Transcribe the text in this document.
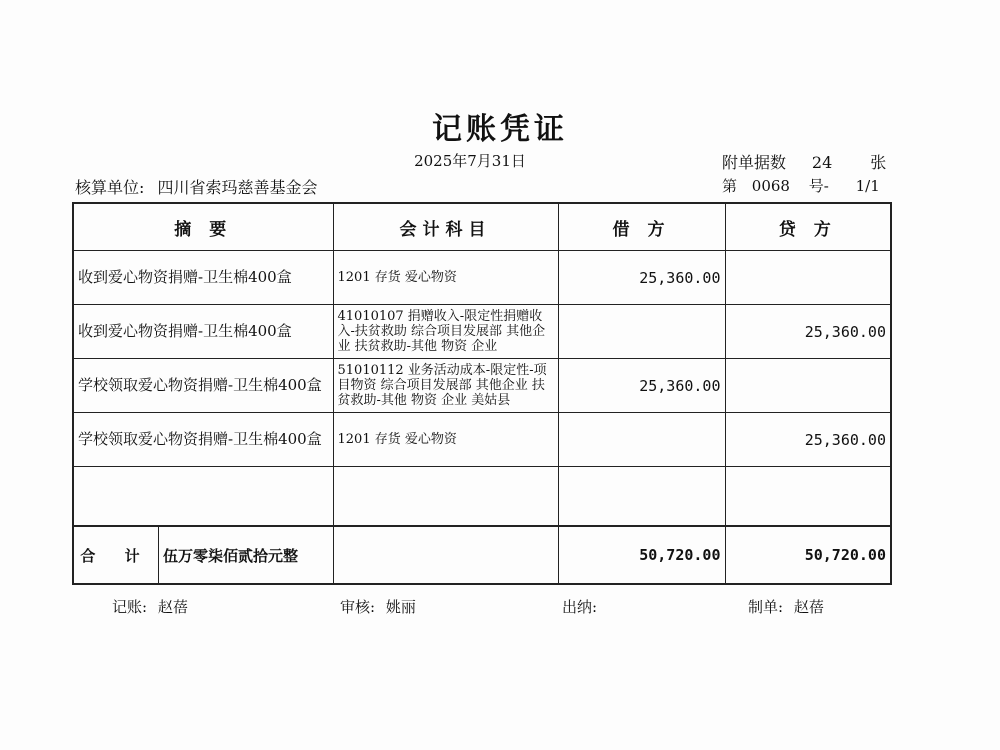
记账凭证
2025年7月31日	附单据数 24 张
核算单位: 四川省索玛慈善基金会	第 0068 号- 1/1
摘 要	会计科目	借 方	贷 方
收到爱心物资捐赠-卫生棉400盒	1201 存货 爱心物资	25,360.00	
收到爱心物资捐赠-卫生棉400盒	41010107 捐赠收入-限定性捐赠收入-扶贫救助 综合项目发展部 其他企业 扶贫救助-其他 物资 企业		25,360.00
学校领取爱心物资捐赠-卫生棉400盒	51010112 业务活动成本-限定性-项目物资 综合项目发展部 其他企业 扶贫救助-其他 物资 企业 美姑县	25,360.00	
学校领取爱心物资捐赠-卫生棉400盒	1201 存货 爱心物资		25,360.00

合 计 伍万零柒佰贰拾元整		50,720.00	50,720.00
记账: 赵蓓	审核: 姚丽	出纳:	制单: 赵蓓
